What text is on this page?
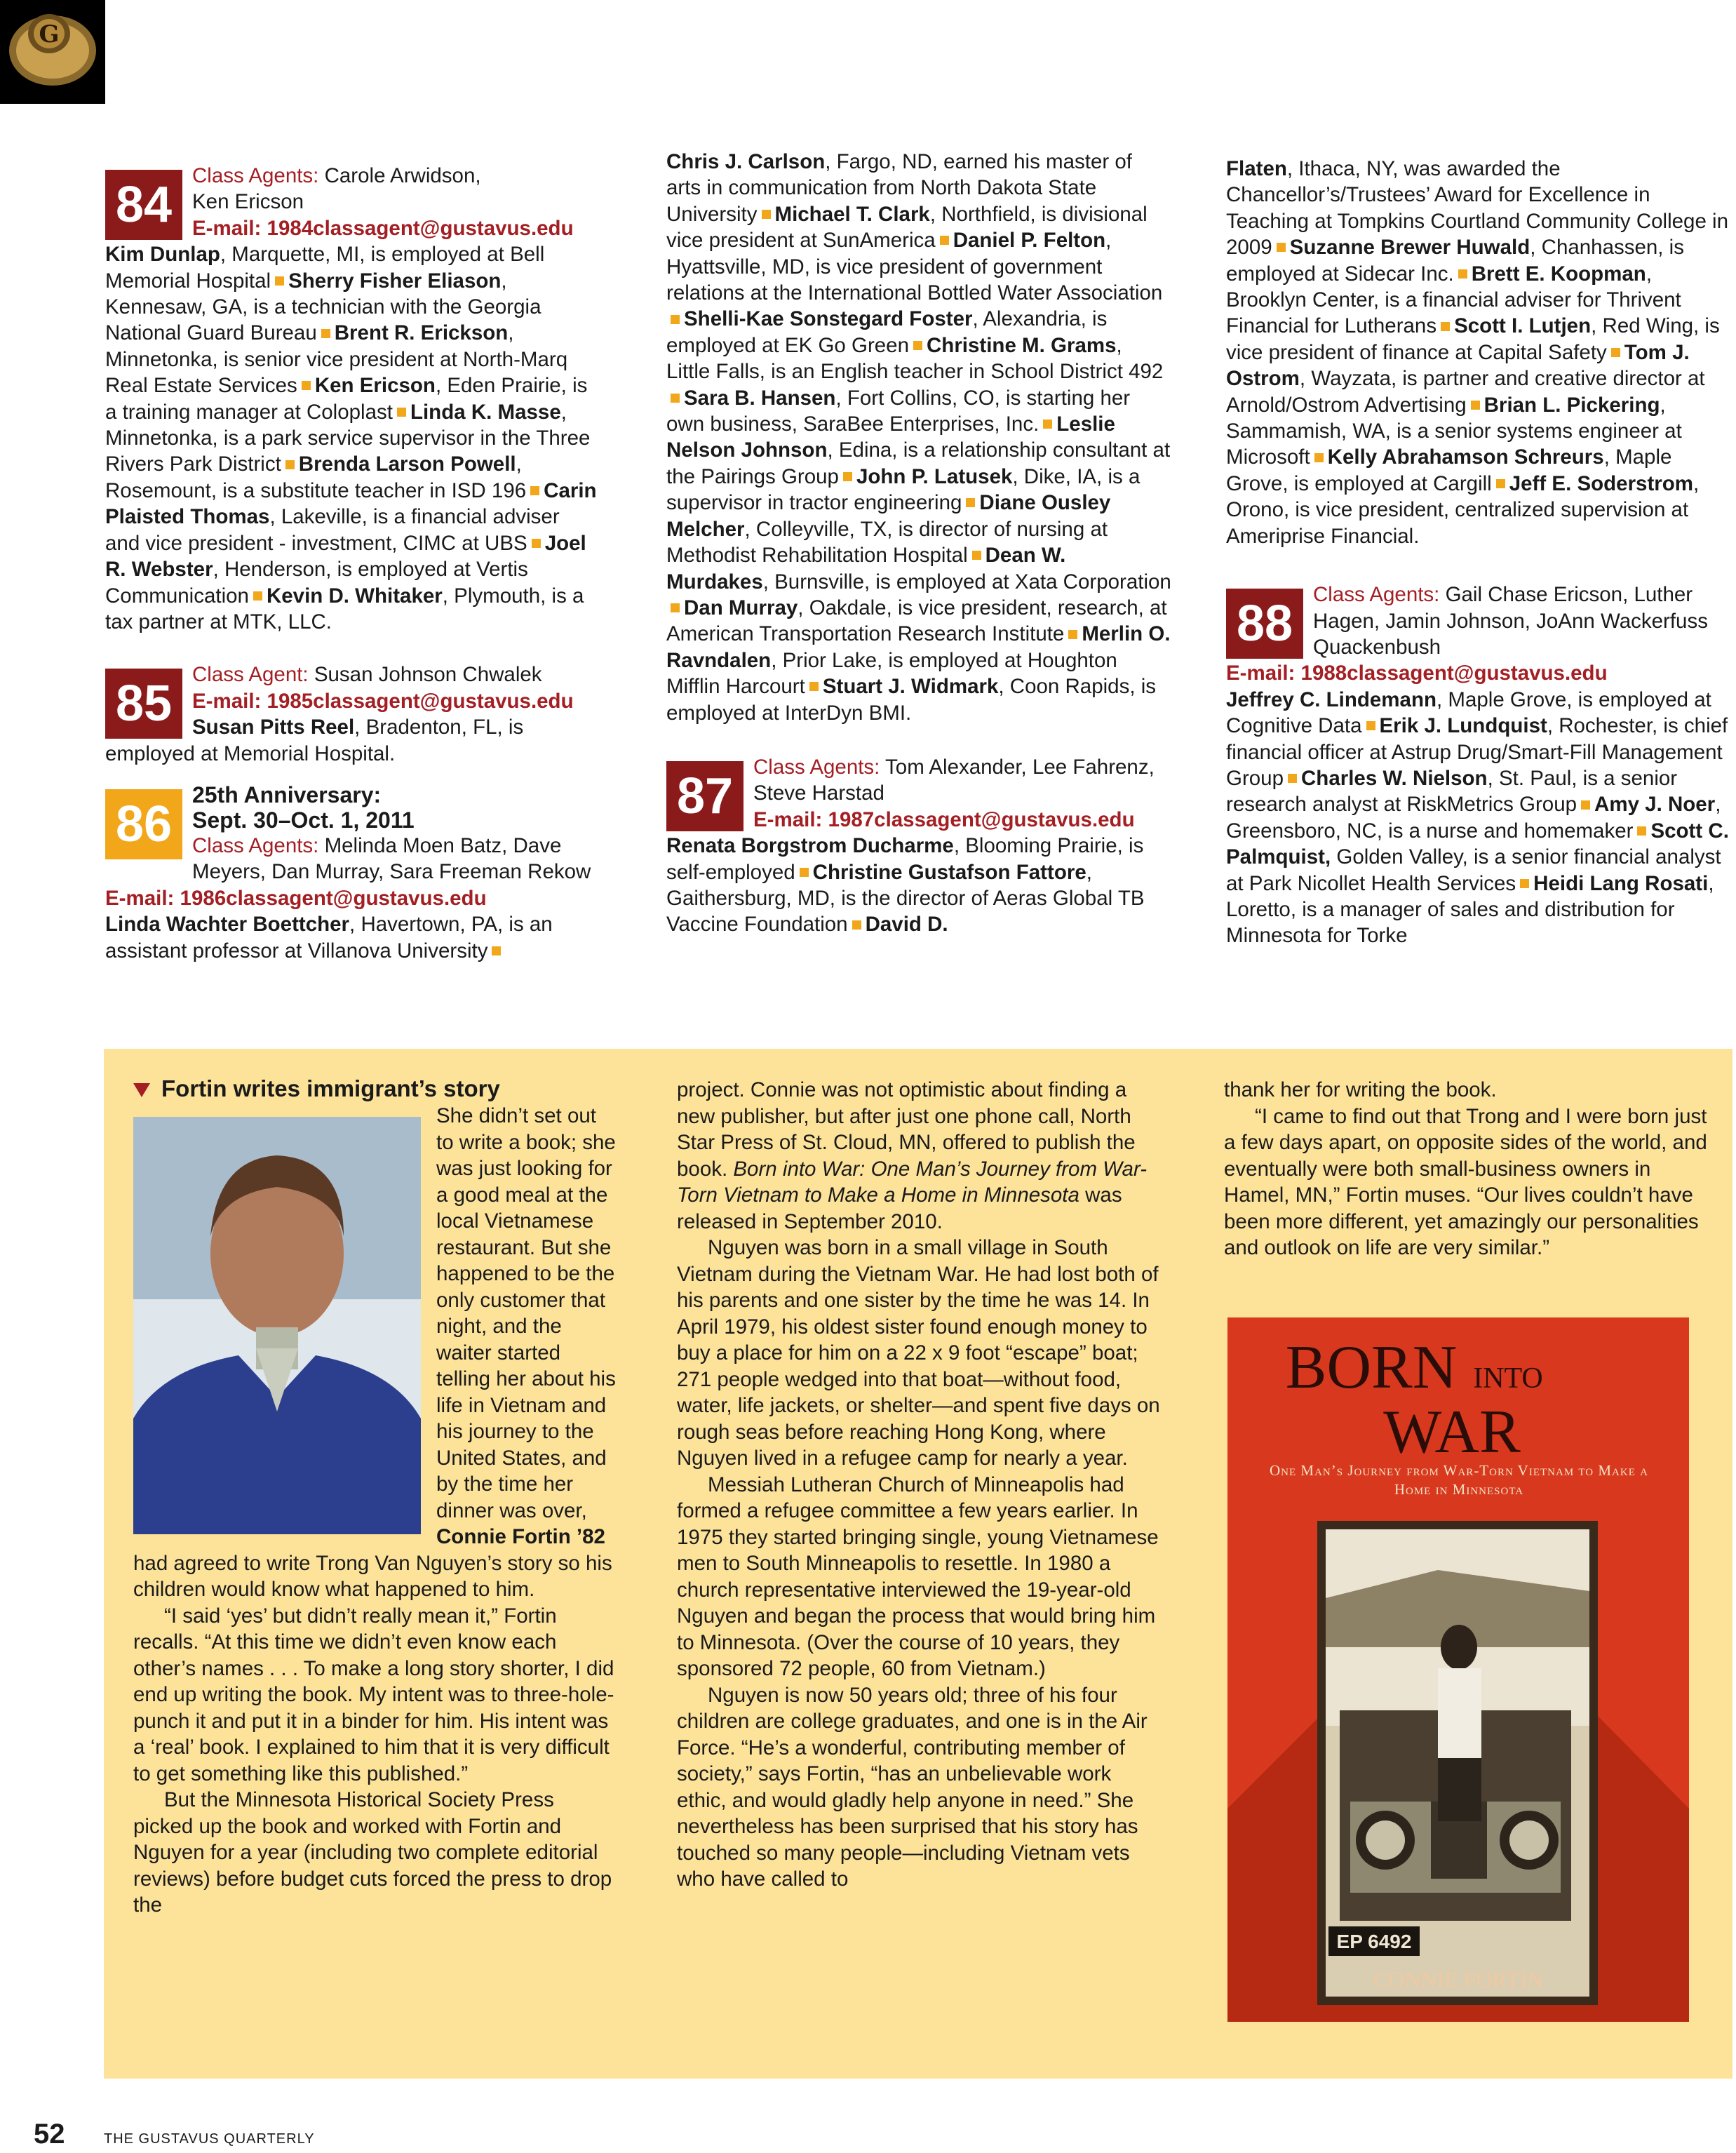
G
84
Class Agents: Carole Arwidson,
Ken Ericson
E-mail: 1984classagent@gustavus.edu

Kim Dunlap, Marquette, MI, is employed at Bell Memorial Hospital Sherry Fisher Eliason, Kennesaw, GA, is a technician with the Georgia National Guard Bureau Brent R. Erickson, Minnetonka, is senior vice president at North-Marq Real Estate Services Ken Ericson, Eden Prairie, is a training manager at Coloplast Linda K. Masse, Minnetonka, is a park service supervisor in the Three Rivers Park District Brenda Larson Powell, Rosemount, is a substitute teacher in ISD 196 Carin Plaisted Thomas, Lakeville, is a financial adviser and vice president - investment, CIMC at UBS Joel R. Webster, Henderson, is employed at Vertis Communication Kevin D. Whitaker, Plymouth, is a tax partner at MTK, LLC.

85
Class Agent: Susan Johnson Chwalek
E-mail: 1985classagent@gustavus.edu

Susan Pitts Reel, Bradenton, FL, is employed at Memorial Hospital.

86
25th Anniversary:
Sept. 30–Oct. 1, 2011
Class Agents: Melinda Moen Batz, Dave Meyers, Dan Murray, Sara Freeman Rekow
E-mail: 1986classagent@gustavus.edu

Linda Wachter Boettcher, Havertown, PA, is an assistant professor at Villanova University

Chris J. Carlson, Fargo, ND, earned his master of arts in communication from North Dakota State University Michael T. Clark, Northfield, is divisional vice president at SunAmerica Daniel P. Felton, Hyattsville, MD, is vice president of government relations at the International Bottled Water AssociationShelli-Kae Sonstegard Foster, Alexandria, is employed at EK Go Green Christine M. Grams, Little Falls, is an English teacher in School District 492Sara B. Hansen, Fort Collins, CO, is starting her own business, SaraBee Enterprises, Inc. Leslie Nelson Johnson, Edina, is a relationship consultant at the Pairings Group John P. Latusek, Dike, IA, is a supervisor in tractor engineering Diane Ousley Melcher, Colleyville, TX, is director of nursing at Methodist Rehabilitation Hospital Dean W. Murdakes, Burnsville, is employed at Xata CorporationDan Murray, Oakdale, is vice president, research, at American Transportation Research Institute Merlin O. Ravndalen, Prior Lake, is employed at Houghton Mifflin Harcourt Stuart J. Widmark, Coon Rapids, is employed at InterDyn BMI.

87
Class Agents: Tom Alexander, Lee Fahrenz, Steve Harstad
E-mail: 1987classagent@gustavus.edu

Renata Borgstrom Ducharme, Blooming Prairie, is self-employed Christine Gustafson Fattore, Gaithersburg, MD, is the director of Aeras Global TB Vaccine Foundation David D.

Flaten, Ithaca, NY, was awarded the Chancellor’s/Trustees’ Award for Excellence in Teaching at Tompkins Courtland Community College in 2009 Suzanne Brewer Huwald, Chanhassen, is employed at Sidecar Inc. Brett E. Koopman, Brooklyn Center, is a financial adviser for Thrivent Financial for Lutherans Scott I. Lutjen, Red Wing, is vice president of finance at Capital Safety Tom J. Ostrom, Wayzata, is partner and creative director at Arnold/Ostrom Advertising Brian L. Pickering, Sammamish, WA, is a senior systems engineer at Microsoft Kelly Abrahamson Schreurs, Maple Grove, is employed at Cargill Jeff E. Soderstrom, Orono, is vice president, centralized supervision at Ameriprise Financial.

88
Class Agents: Gail Chase Ericson, Luther Hagen, Jamin Johnson, JoAnn Wackerfuss Quackenbush
E-mail: 1988classagent@gustavus.edu

Jeffrey C. Lindemann, Maple Grove, is employed at Cognitive Data Erik J. Lundquist, Rochester, is chief financial officer at Astrup Drug/Smart-Fill Management Group Charles W. Nielson, St. Paul, is a senior research analyst at RiskMetrics Group Amy J. Noer, Greensboro, NC, is a nurse and homemaker Scott C. Palmquist, Golden Valley, is a senior financial analyst at Park Nicollet Health Services Heidi Lang Rosati, Loretto, is a manager of sales and distribution for Minnesota for Torke

Fortin writes immigrant’s story

She didn’t set out to write a book; she was just looking for a good meal at the local Vietnamese restaurant. But she happened to be the only customer that night, and the waiter started telling her about his life in Vietnam and his journey to the United States, and by the time her dinner was over, Connie Fortin ’82 had agreed to write Trong Van Nguyen’s story so his children would know what happened to him.

“I said ‘yes’ but didn’t really mean it,” Fortin recalls. “At this time we didn’t even know each other’s names . . . To make a long story shorter, I did end up writing the book. My intent was to three-hole-punch it and put it in a binder for him. His intent was a ‘real’ book. I explained to him that it is very difficult to get something like this published.”

But the Minnesota Historical Society Press picked up the book and worked with Fortin and Nguyen for a year (including two complete editorial reviews) before budget cuts forced the press to drop the

project. Connie was not optimistic about finding a new publisher, but after just one phone call, North Star Press of St. Cloud, MN, offered to publish the book. Born into War: One Man’s Journey from War-Torn Vietnam to Make a Home in Minnesota was released in September 2010.

Nguyen was born in a small village in South Vietnam during the Vietnam War. He had lost both of his parents and one sister by the time he was 14. In April 1979, his oldest sister found enough money to buy a place for him on a 22 x 9 foot “escape” boat; 271 people wedged into that boat—without food, water, life jackets, or shelter—and spent five days on rough seas before reaching Hong Kong, where Nguyen lived in a refugee camp for nearly a year.

Messiah Lutheran Church of Minneapolis had formed a refugee committee a few years earlier. In 1975 they started bringing single, young Vietnamese men to South Minneapolis to resettle. In 1980 a church representative interviewed the 19-year-old Nguyen and began the process that would bring him to Minnesota. (Over the course of 10 years, they sponsored 72 people, 60 from Vietnam.)

Nguyen is now 50 years old; three of his four children are college graduates, and one is in the Air Force. “He’s a wonderful, contributing member of society,” says Fortin, “has an unbelievable work ethic, and would gladly help anyone in need.” She nevertheless has been surprised that his story has touched so many people—including Vietnam vets who have called to

thank her for writing the book.

“I came to find out that Trong and I were born just a few days apart, on opposite sides of the world, and eventually were both small-business owners in Hamel, MN,” Fortin muses. “Our lives couldn’t have been more different, yet amazingly our personalities and outlook on life are very similar.”

BORN INTO
WAR
One Man’s Journey from War-Torn Vietnam to Make a Home in Minnesota
EP 6492
CONNIE FORTIN
52	THE GUSTAVUS QUARTERLY
